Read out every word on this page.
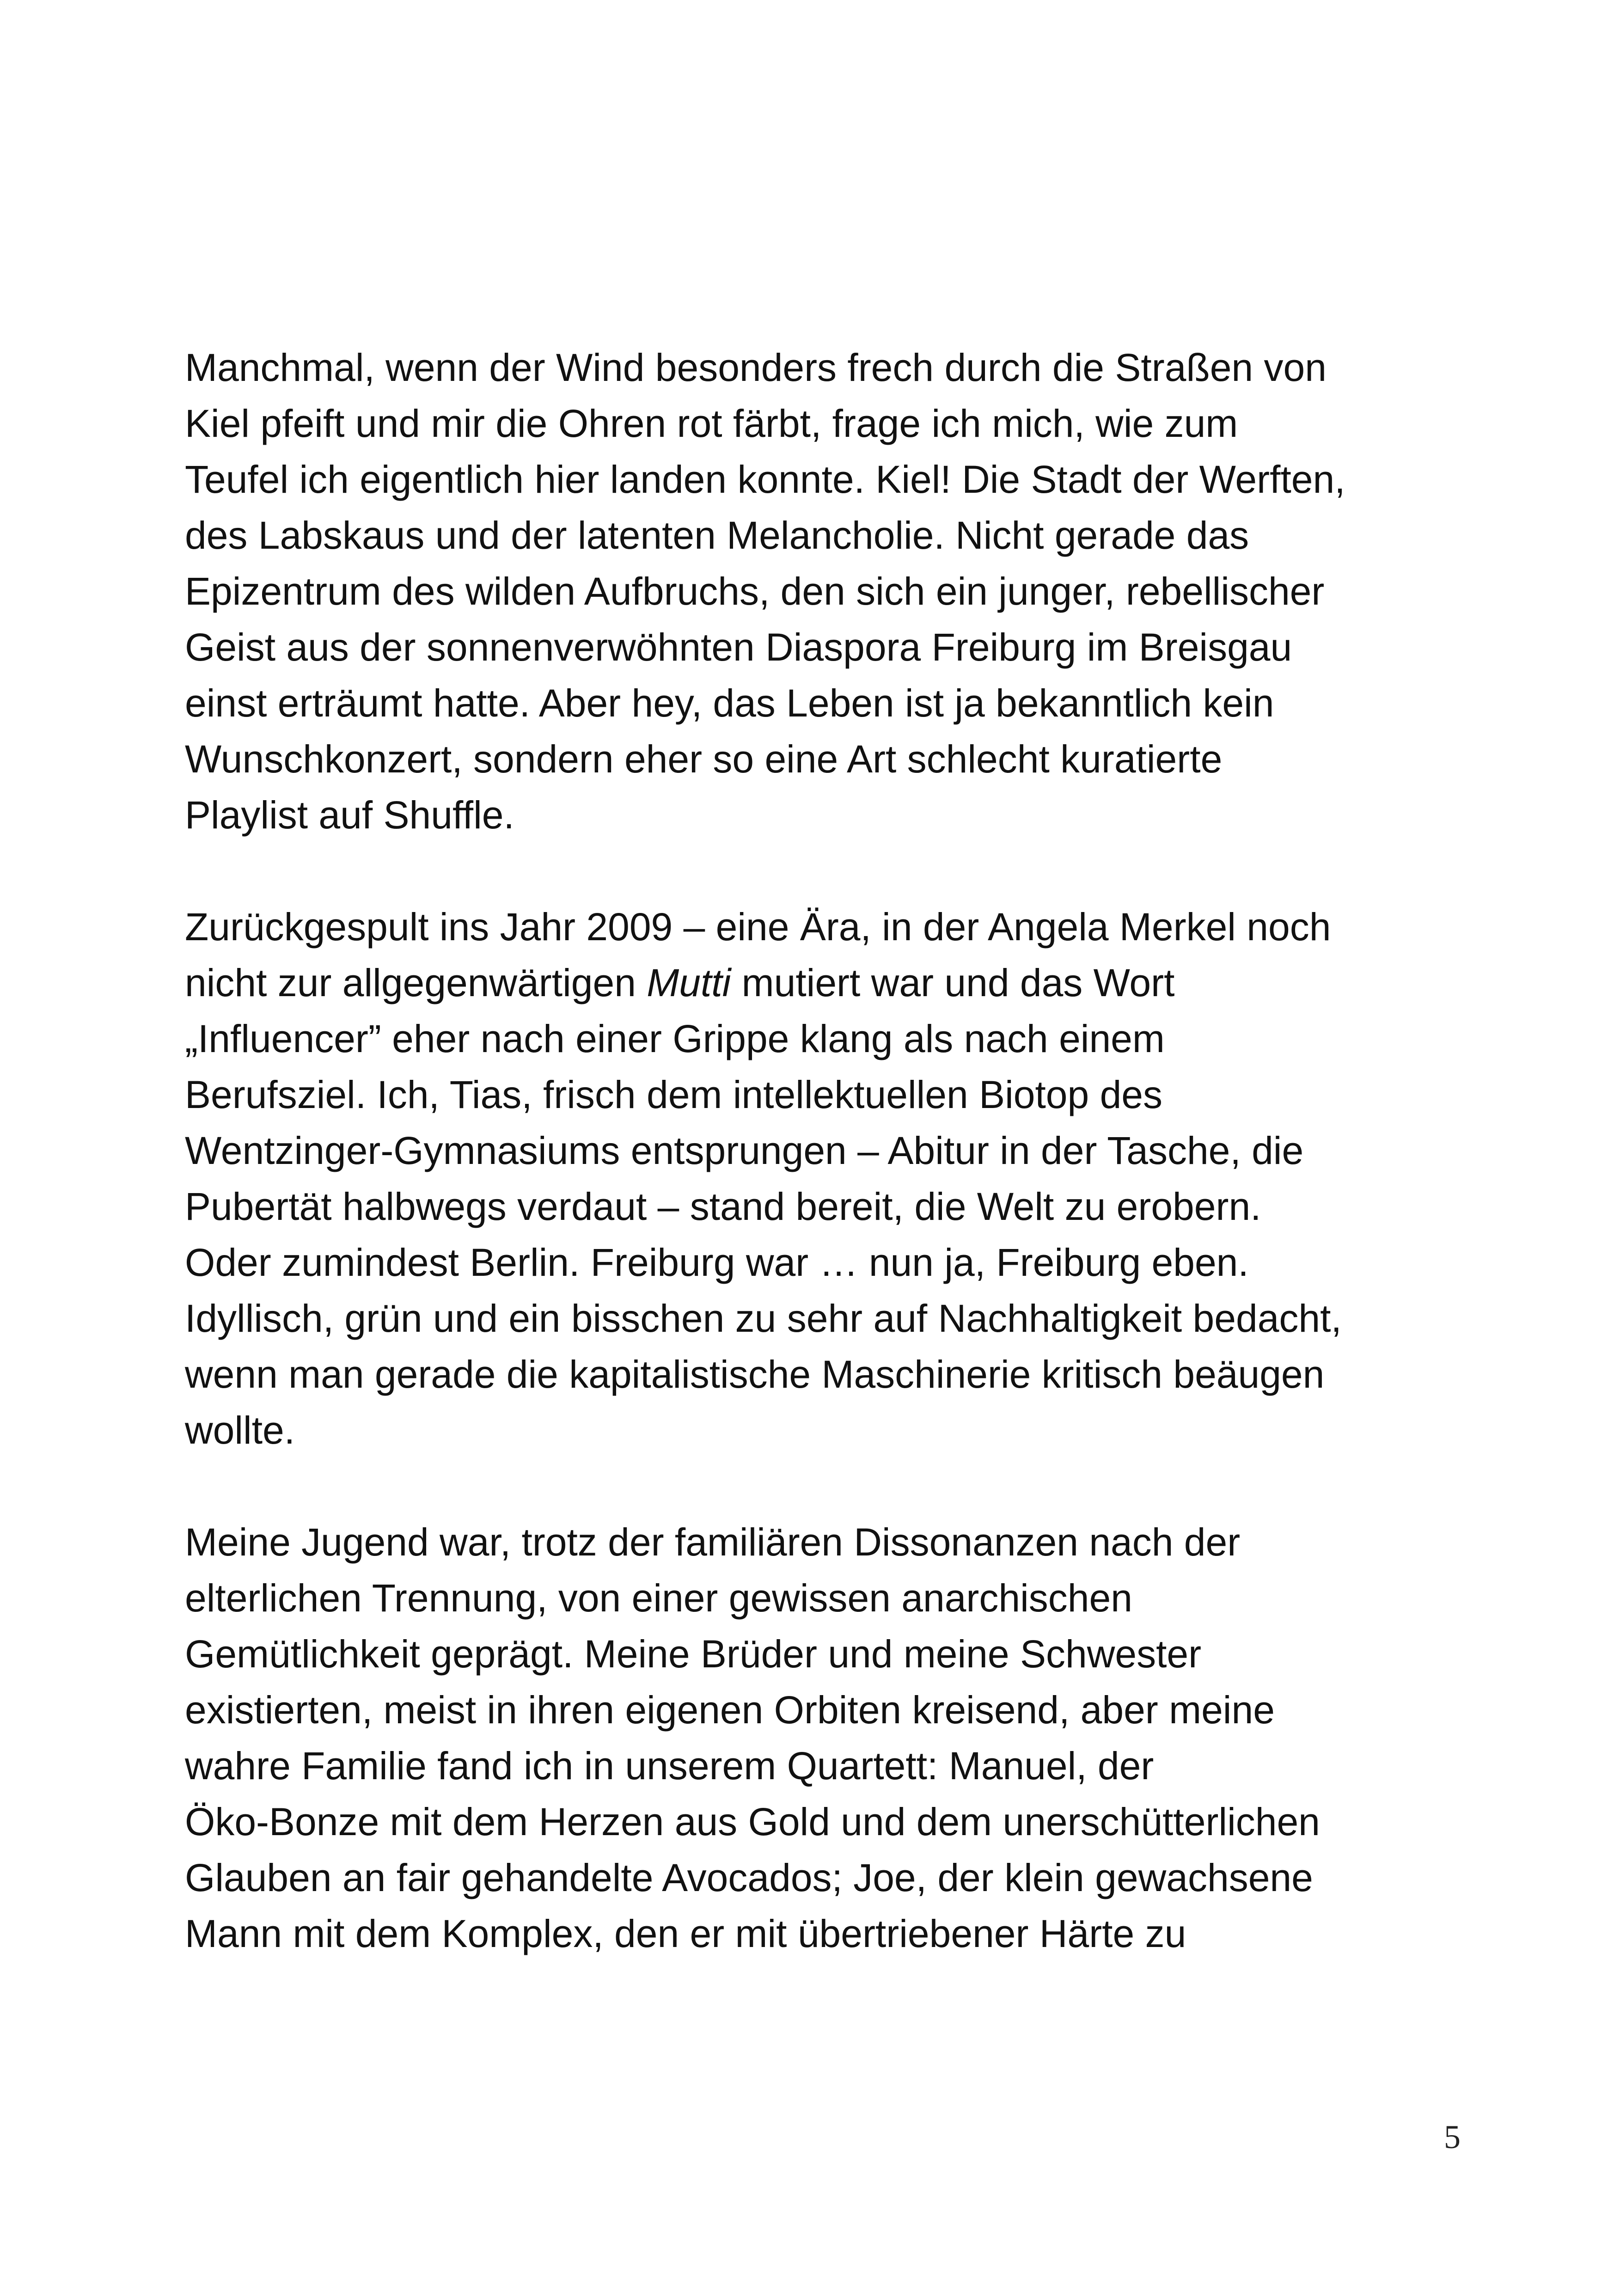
Manchmal, wenn der Wind besonders frech durch die Straßen von
Kiel pfeift und mir die Ohren rot färbt, frage ich mich, wie zum
Teufel ich eigentlich hier landen konnte. Kiel! Die Stadt der Werften,
des Labskaus und der latenten Melancholie. Nicht gerade das
Epizentrum des wilden Aufbruchs, den sich ein junger, rebellischer
Geist aus der sonnenverwöhnten Diaspora Freiburg im Breisgau
einst erträumt hatte. Aber hey, das Leben ist ja bekanntlich kein
Wunschkonzert, sondern eher so eine Art schlecht kuratierte
Playlist auf Shuffle.

Zurückgespult ins Jahr 2009 – eine Ära, in der Angela Merkel noch
nicht zur allgegenwärtigen Mutti mutiert war und das Wort
„Influencer” eher nach einer Grippe klang als nach einem
Berufsziel. Ich, Tias, frisch dem intellektuellen Biotop des
Wentzinger-Gymnasiums entsprungen – Abitur in der Tasche, die
Pubertät halbwegs verdaut – stand bereit, die Welt zu erobern.
Oder zumindest Berlin. Freiburg war … nun ja, Freiburg eben.
Idyllisch, grün und ein bisschen zu sehr auf Nachhaltigkeit bedacht,
wenn man gerade die kapitalistische Maschinerie kritisch beäugen
wollte.

Meine Jugend war, trotz der familiären Dissonanzen nach der
elterlichen Trennung, von einer gewissen anarchischen
Gemütlichkeit geprägt. Meine Brüder und meine Schwester
existierten, meist in ihren eigenen Orbiten kreisend, aber meine
wahre Familie fand ich in unserem Quartett: Manuel, der
Öko-Bonze mit dem Herzen aus Gold und dem unerschütterlichen
Glauben an fair gehandelte Avocados; Joe, der klein gewachsene
Mann mit dem Komplex, den er mit übertriebener Härte zu

5
